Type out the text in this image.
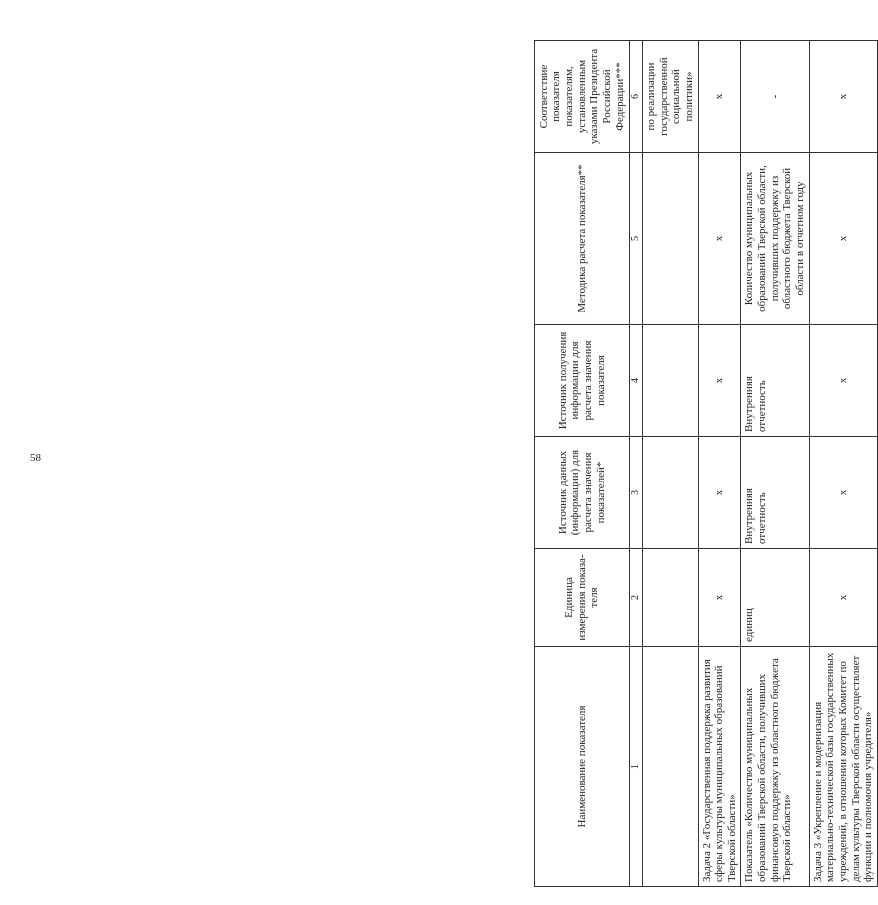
58
Наименование показателя	Единица измерения показа-теля	Источник данных (информации) для расчета значения показателей*	Источник получения информации для расчета значения показателя	Методика расчета показателя**	Соответствие показателя показателям, установленным указами Президента Российской Федерации***
1	2	3	4	5	6
					по реализации государственной социальной политики»
Задача 2 «Государственная поддержка развития сферы культуры муниципальных образований Тверской области»	x	x	x	x	x
Показатель «Количество муниципальных образований Тверской области, получивших финансовую поддержку из областного бюджета Тверской области»	единиц	Внутренняя отчетность	Внутренняя отчетность	Количество муниципальных образований Тверской области, получивших поддержку из областного бюджета Тверской области в отчетном году	-
Задача 3 «Укрепление и модернизация материально-технической базы государственных учреждений, в отношении которых Комитет по делам культуры Тверской области осуществляет функции и полномочия учредителя»	x	x	x	x	x
